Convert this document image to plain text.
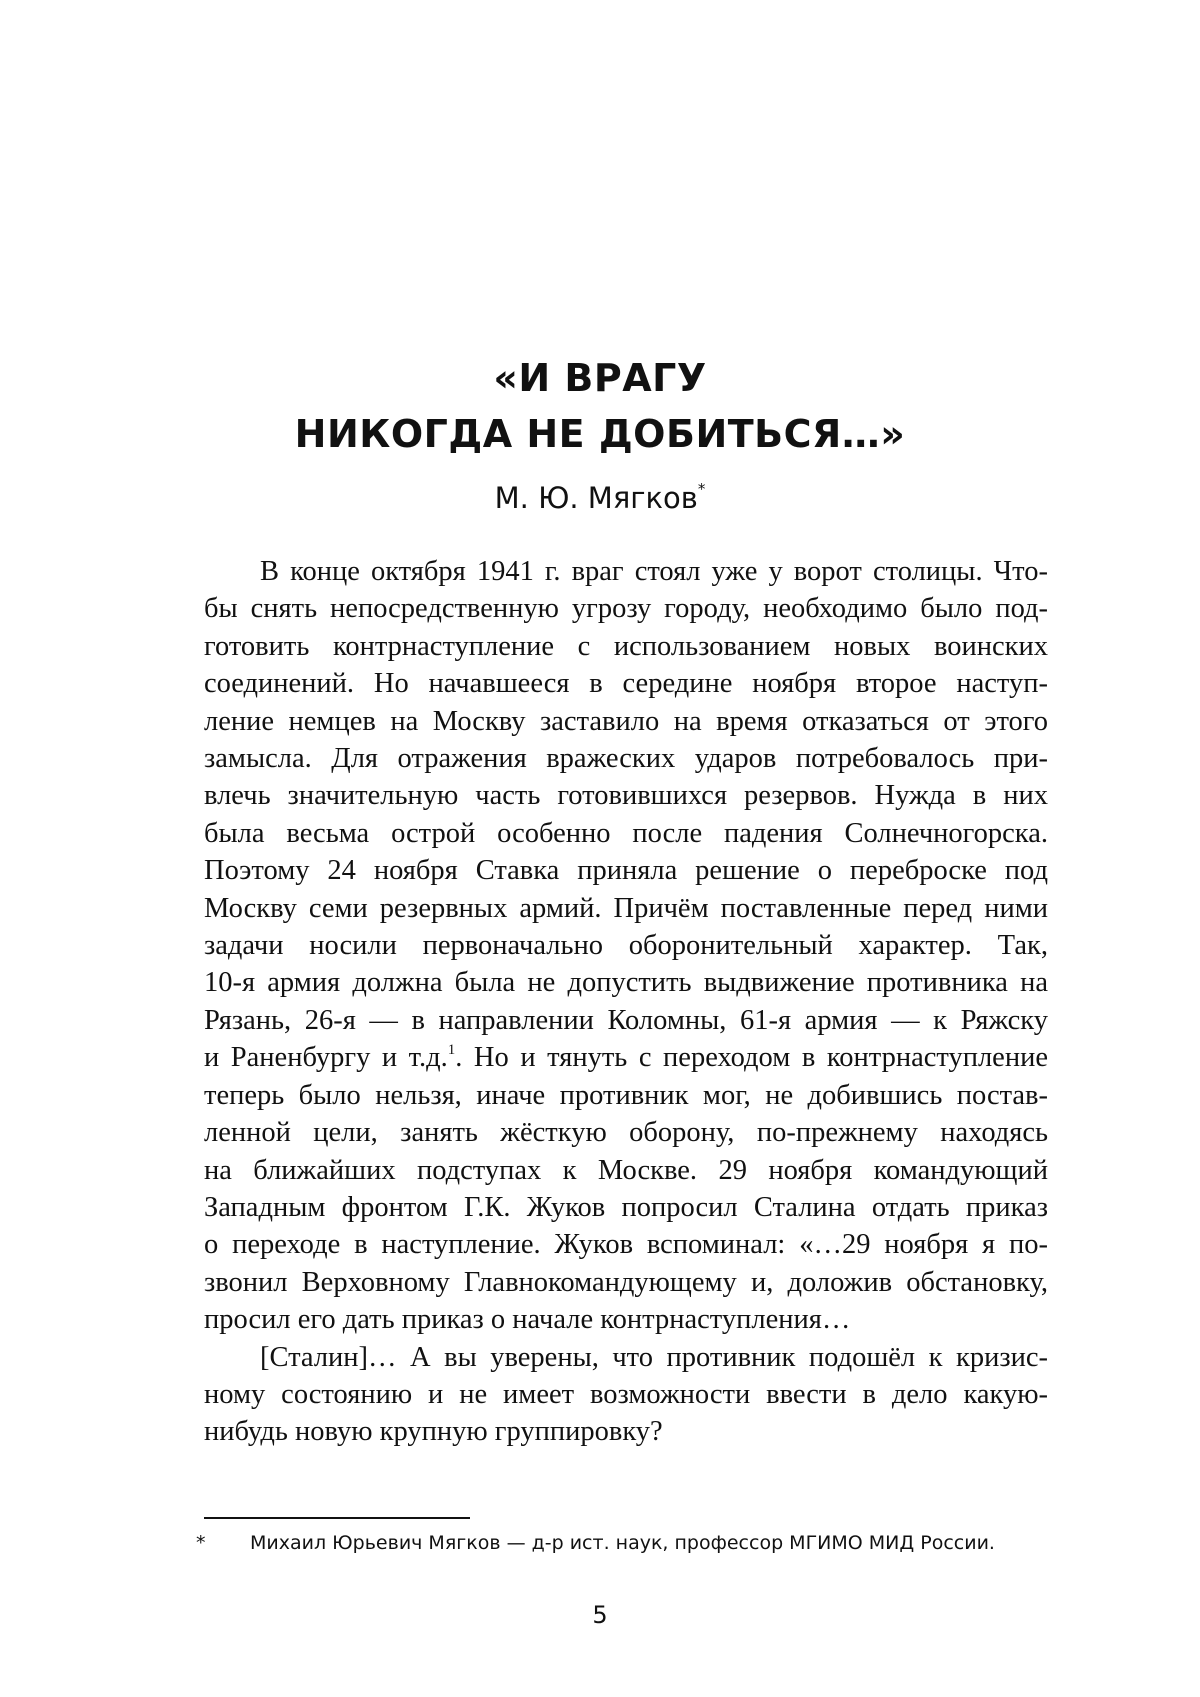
«И ВРАГУ
НИКОГДА НЕ ДОБИТЬСЯ…»
М. Ю. Мягков*
В конце октября 1941 г. враг стоял уже у ворот столицы. Что-
бы снять непосредственную угрозу городу, необходимо было под-
готовить контрнаступление с использованием новых воинских
соединений. Но начавшееся в середине ноября второе наступ-
ление немцев на Москву заставило на время отказаться от этого
замысла. Для отражения вражеских ударов потребовалось при-
влечь значительную часть готовившихся резервов. Нужда в них
была весьма острой особенно после падения Солнечногорска.
Поэтому 24 ноября Ставка приняла решение о переброске под
Москву семи резервных армий. Причём поставленные перед ними
задачи носили первоначально оборонительный характер. Так,
10-я армия должна была не допустить выдвижение противника на
Рязань, 26-я — в направлении Коломны, 61-я армия — к Ряжску
и Раненбургу и т.д.$^1$. Но и тянуть с переходом в контрнаступление
теперь было нельзя, иначе противник мог, не добившись постав-
ленной цели, занять жёсткую оборону, по-прежнему находясь
на ближайших подступах к Москве. 29 ноября командующий
Западным фронтом Г.К. Жуков попросил Сталина отдать приказ
о переходе в наступление. Жуков вспоминал: «…29 ноября я по-
звонил Верховному Главнокомандующему и, доложив обстановку,
просил его дать приказ о начале контрнаступления…
[Сталин]… А вы уверены, что противник подошёл к кризис-
ному состоянию и не имеет возможности ввести в дело какую-
нибудь новую крупную группировку?
* Михаил Юрьевич Мягков — д-р ист. наук, профессор МГИМО МИД России.
5
